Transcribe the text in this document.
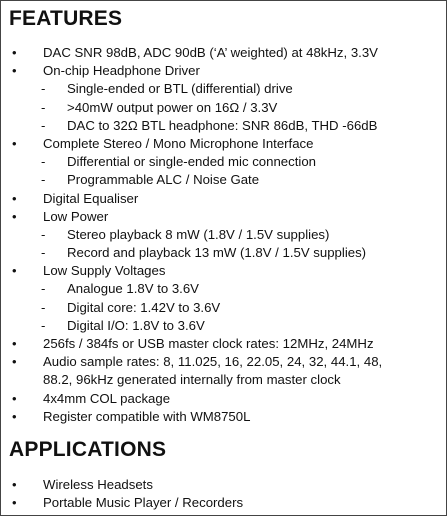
FEATURES
• DAC SNR 98dB, ADC 90dB (‘A’ weighted) at 48kHz, 3.3V
• On-chip Headphone Driver
- Single-ended or BTL (differential) drive
- >40mW output power on 16Ω / 3.3V
- DAC to 32Ω BTL headphone: SNR 86dB, THD -66dB
• Complete Stereo / Mono Microphone Interface
- Differential or single-ended mic connection
- Programmable ALC / Noise Gate
• Digital Equaliser
• Low Power
- Stereo playback 8 mW (1.8V / 1.5V supplies)
- Record and playback 13 mW (1.8V / 1.5V supplies)
• Low Supply Voltages
- Analogue 1.8V to 3.6V
- Digital core: 1.42V to 3.6V
- Digital I/O: 1.8V to 3.6V
• 256fs / 384fs or USB master clock rates: 12MHz, 24MHz
• Audio sample rates: 8, 11.025, 16, 22.05, 24, 32, 44.1, 48,
88.2, 96kHz generated internally from master clock
• 4x4mm COL package
• Register compatible with WM8750L
APPLICATIONS
• Wireless Headsets
• Portable Music Player / Recorders
